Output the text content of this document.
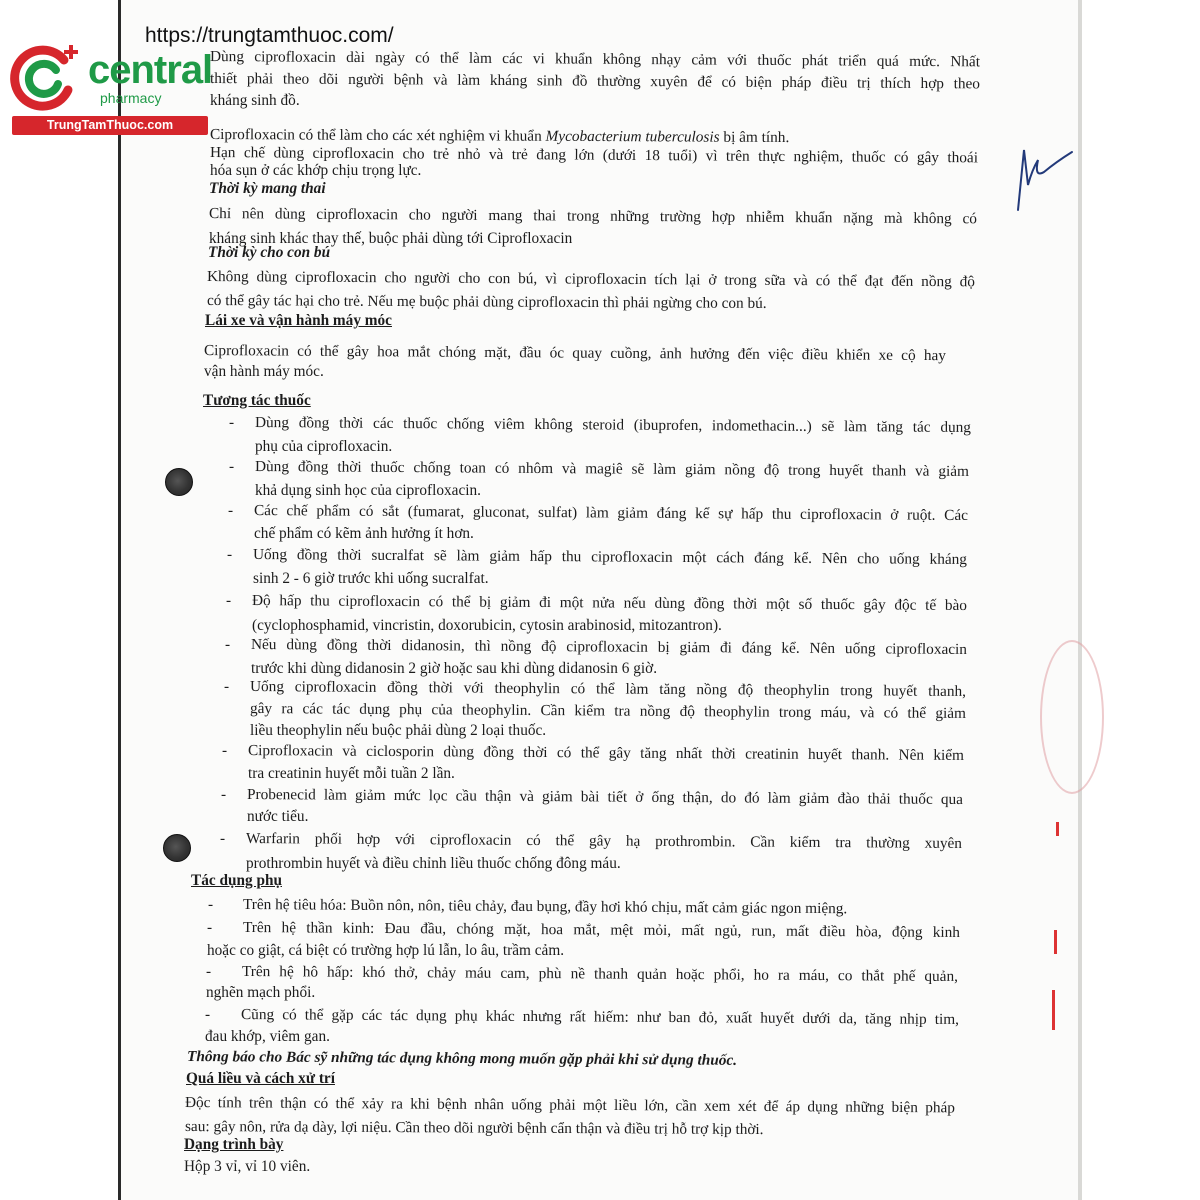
central
pharmacy
TrungTamThuoc.com
https://trungtamthuoc.com/
Dùng ciprofloxacin dài ngày có thể làm các vi khuẩn không nhạy cảm với thuốc phát triển quá mức. Nhất
thiết phải theo dõi người bệnh và làm kháng sinh đồ thường xuyên để có biện pháp điều trị thích hợp theo
kháng sinh đồ.
Ciprofloxacin có thể làm cho các xét nghiệm vi khuẩn Mycobacterium tuberculosis bị âm tính.
Hạn chế dùng ciprofloxacin cho trẻ nhỏ và trẻ đang lớn (dưới 18 tuổi) vì trên thực nghiệm, thuốc có gây thoái
hóa sụn ở các khớp chịu trọng lực.
Thời kỳ mang thai
Chỉ nên dùng ciprofloxacin cho người mang thai trong những trường hợp nhiễm khuẩn nặng mà không có
kháng sinh khác thay thế, buộc phải dùng tới Ciprofloxacin
Thời kỳ cho con bú
Không dùng ciprofloxacin cho người cho con bú, vì ciprofloxacin tích lại ở trong sữa và có thể đạt đến nồng độ
có thể gây tác hại cho trẻ. Nếu mẹ buộc phải dùng ciprofloxacin thì phải ngừng cho con bú.
Lái xe và vận hành máy móc
Ciprofloxacin có thể gây hoa mắt chóng mặt, đầu óc quay cuồng, ảnh hưởng đến việc điều khiển xe cộ hay
vận hành máy móc.
Tương tác thuốc
- Dùng đồng thời các thuốc chống viêm không steroid (ibuprofen, indomethacin...) sẽ làm tăng tác dụng
phụ của ciprofloxacin.
- Dùng đồng thời thuốc chống toan có nhôm và magiê sẽ làm giảm nồng độ trong huyết thanh và giảm
khả dụng sinh học của ciprofloxacin.
- Các chế phẩm có sắt (fumarat, gluconat, sulfat) làm giảm đáng kể sự hấp thu ciprofloxacin ở ruột. Các
chế phẩm có kẽm ảnh hưởng ít hơn.
- Uống đồng thời sucralfat sẽ làm giảm hấp thu ciprofloxacin một cách đáng kể. Nên cho uống kháng
sinh 2 - 6 giờ trước khi uống sucralfat.
- Độ hấp thu ciprofloxacin có thể bị giảm đi một nửa nếu dùng đồng thời một số thuốc gây độc tế bào
(cyclophosphamid, vincristin, doxorubicin, cytosin arabinosid, mitozantron).
- Nếu dùng đồng thời didanosin, thì nồng độ ciprofloxacin bị giảm đi đáng kể. Nên uống ciprofloxacin
trước khi dùng didanosin 2 giờ hoặc sau khi dùng didanosin 6 giờ.
- Uống ciprofloxacin đồng thời với theophylin có thể làm tăng nồng độ theophylin trong huyết thanh,
gây ra các tác dụng phụ của theophylin. Cần kiểm tra nồng độ theophylin trong máu, và có thể giảm
liều theophylin nếu buộc phải dùng 2 loại thuốc.
- Ciprofloxacin và ciclosporin dùng đồng thời có thể gây tăng nhất thời creatinin huyết thanh. Nên kiểm
tra creatinin huyết mỗi tuần 2 lần.
- Probenecid làm giảm mức lọc cầu thận và giảm bài tiết ở ống thận, do đó làm giảm đào thải thuốc qua
nước tiểu.
- Warfarin phối hợp với ciprofloxacin có thể gây hạ prothrombin. Cần kiểm tra thường xuyên
prothrombin huyết và điều chỉnh liều thuốc chống đông máu.
Tác dụng phụ
- Trên hệ tiêu hóa: Buồn nôn, nôn, tiêu chảy, đau bụng, đầy hơi khó chịu, mất cảm giác ngon miệng.
- Trên hệ thần kinh: Đau đầu, chóng mặt, hoa mắt, mệt mỏi, mất ngủ, run, mất điều hòa, động kinh
hoặc co giật, cá biệt có trường hợp lú lẫn, lo âu, trầm cảm.
- Trên hệ hô hấp: khó thở, chảy máu cam, phù nề thanh quản hoặc phổi, ho ra máu, co thắt phế quản,
nghẽn mạch phổi.
- Cũng có thể gặp các tác dụng phụ khác nhưng rất hiếm: như ban đỏ, xuất huyết dưới da, tăng nhịp tim,
đau khớp, viêm gan.
Thông báo cho Bác sỹ những tác dụng không mong muốn gặp phải khi sử dụng thuốc.
Quá liều và cách xử trí
Độc tính trên thận có thể xảy ra khi bệnh nhân uống phải một liều lớn, cần xem xét để áp dụng những biện pháp
sau: gây nôn, rửa dạ dày, lợi niệu. Cần theo dõi người bệnh cẩn thận và điều trị hỗ trợ kịp thời.
Dạng trình bày
Hộp 3 vỉ, vỉ 10 viên.
